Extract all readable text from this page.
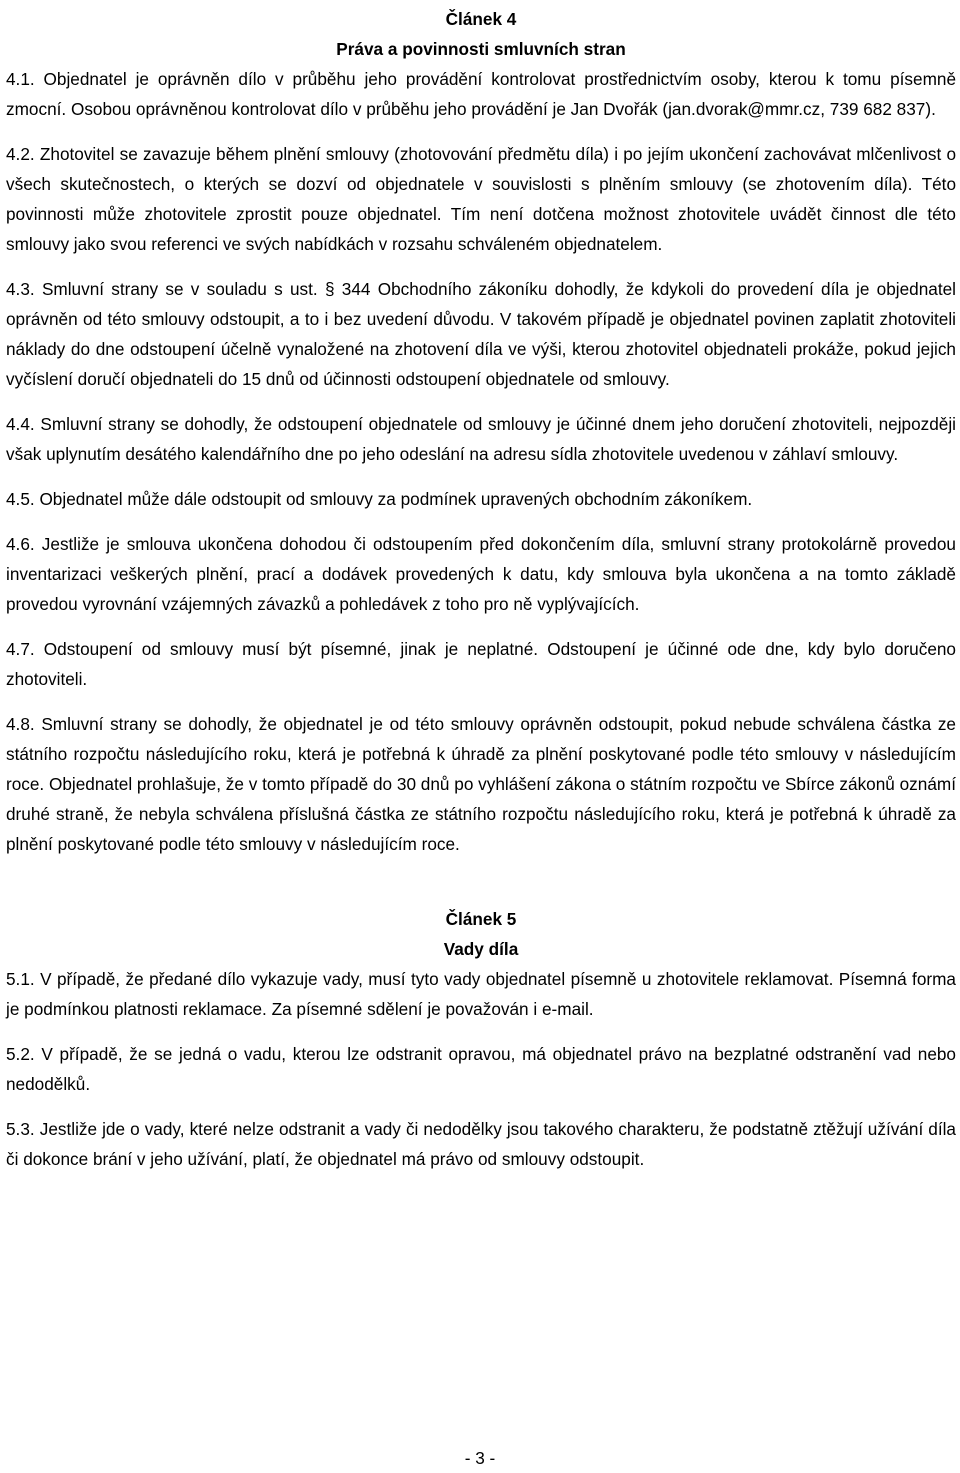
Článek 4

Práva a povinnosti smluvních stran

4.1. Objednatel je oprávněn dílo v průběhu jeho provádění kontrolovat prostřednictvím osoby, kterou k tomu písemně zmocní. Osobou oprávněnou kontrolovat dílo v průběhu jeho provádění je Jan Dvořák (jan.dvorak@mmr.cz, 739 682 837).

4.2. Zhotovitel se zavazuje během plnění smlouvy (zhotovování předmětu díla) i po jejím ukončení zachovávat mlčenlivost o všech skutečnostech, o kterých se dozví od objednatele v souvislosti s plněním smlouvy (se zhotovením díla). Této povinnosti může zhotovitele zprostit pouze objednatel. Tím není dotčena možnost zhotovitele uvádět činnost dle této smlouvy jako svou referenci ve svých nabídkách v rozsahu schváleném objednatelem.

4.3. Smluvní strany se v souladu s ust. § 344 Obchodního zákoníku dohodly, že kdykoli do provedení díla je objednatel oprávněn od této smlouvy odstoupit, a to i bez uvedení důvodu. V takovém případě je objednatel povinen zaplatit zhotoviteli náklady do dne odstoupení účelně vynaložené na zhotovení díla ve výši, kterou zhotovitel objednateli prokáže, pokud jejich vyčíslení doručí objednateli do 15 dnů od účinnosti odstoupení objednatele od smlouvy.

4.4. Smluvní strany se dohodly, že odstoupení objednatele od smlouvy je účinné dnem jeho doručení zhotoviteli, nejpozději však uplynutím desátého kalendářního dne po jeho odeslání na adresu sídla zhotovitele uvedenou v záhlaví smlouvy.

4.5. Objednatel může dále odstoupit od smlouvy za podmínek upravených obchodním zákoníkem.

4.6. Jestliže je smlouva ukončena dohodou či odstoupením před dokončením díla, smluvní strany protokolárně provedou inventarizaci veškerých plnění, prací a dodávek provedených k datu, kdy smlouva byla ukončena a na tomto základě provedou vyrovnání vzájemných závazků a pohledávek z toho pro ně vyplývajících.

4.7. Odstoupení od smlouvy musí být písemné, jinak je neplatné. Odstoupení je účinné ode dne, kdy bylo doručeno zhotoviteli.

4.8. Smluvní strany se dohodly, že objednatel je od této smlouvy oprávněn odstoupit, pokud nebude schválena částka ze státního rozpočtu následujícího roku, která je potřebná k úhradě za plnění poskytované podle této smlouvy v následujícím roce. Objednatel prohlašuje, že v tomto případě do 30 dnů po vyhlášení zákona o státním rozpočtu ve Sbírce zákonů oznámí druhé straně, že nebyla schválena příslušná částka ze státního rozpočtu následujícího roku, která je potřebná k úhradě za plnění poskytované podle této smlouvy v následujícím roce.

Článek 5

Vady díla

5.1. V případě, že předané dílo vykazuje vady, musí tyto vady objednatel písemně u zhotovitele reklamovat. Písemná forma je podmínkou platnosti reklamace. Za písemné sdělení je považován i e-mail.

5.2. V případě, že se jedná o vadu, kterou lze odstranit opravou, má objednatel právo na bezplatné odstranění vad nebo nedodělků.

5.3. Jestliže jde o vady, které nelze odstranit a vady či nedodělky jsou takového charakteru, že podstatně ztěžují užívání díla či dokonce brání v jeho užívání, platí, že objednatel má právo od smlouvy odstoupit.

- 3 -
